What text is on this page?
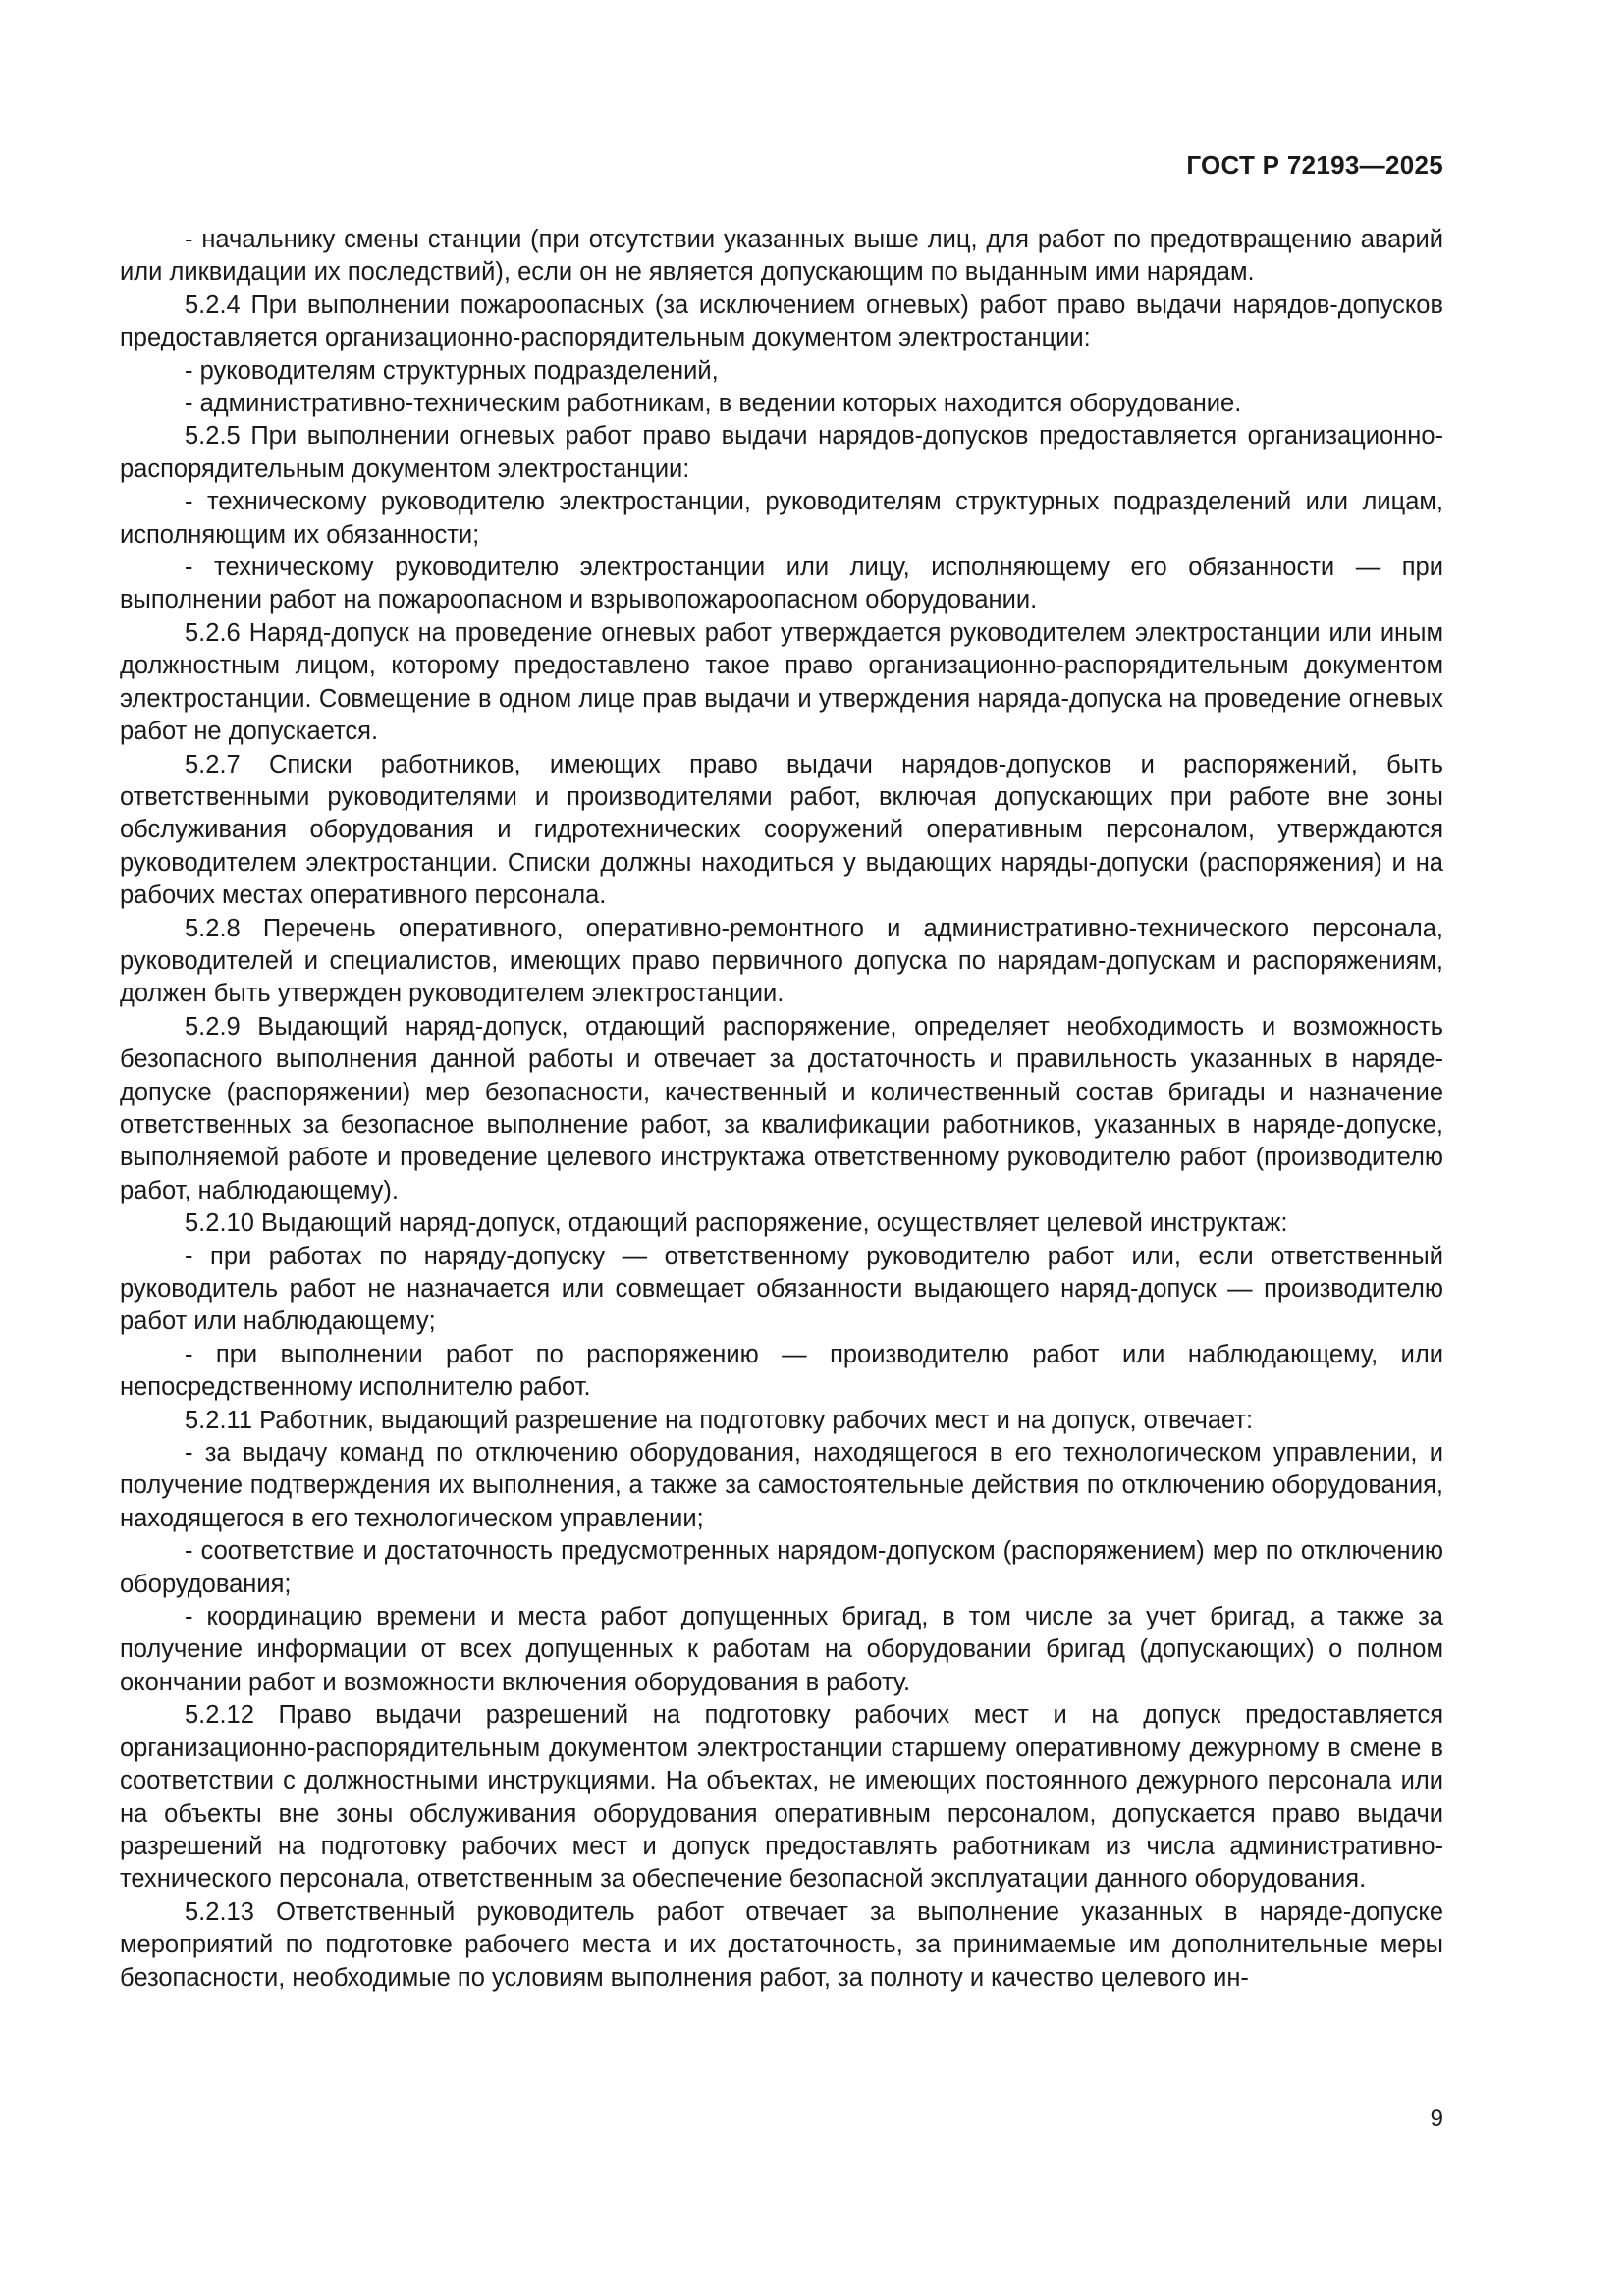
ГОСТ Р 72193—2025

- начальнику смены станции (при отсутствии указанных выше лиц, для работ по предотвращению аварий или ликвидации их последствий), если он не является допускающим по выданным ими нарядам.

5.2.4 При выполнении пожароопасных (за исключением огневых) работ право выдачи нарядов-допусков предоставляется организационно-распорядительным документом электростанции:

- руководителям структурных подразделений,

- административно-техническим работникам, в ведении которых находится оборудование.

5.2.5 При выполнении огневых работ право выдачи нарядов-допусков предоставляется организационно-распорядительным документом электростанции:

- техническому руководителю электростанции, руководителям структурных подразделений или лицам, исполняющим их обязанности;

- техническому руководителю электростанции или лицу, исполняющему его обязанности — при выполнении работ на пожароопасном и взрывопожароопасном оборудовании.

5.2.6 Наряд-допуск на проведение огневых работ утверждается руководителем электростанции или иным должностным лицом, которому предоставлено такое право организационно-распорядительным документом электростанции. Совмещение в одном лице прав выдачи и утверждения наряда-допуска на проведение огневых работ не допускается.

5.2.7 Списки работников, имеющих право выдачи нарядов-допусков и распоряжений, быть ответственными руководителями и производителями работ, включая допускающих при работе вне зоны обслуживания оборудования и гидротехнических сооружений оперативным персоналом, утверждаются руководителем электростанции. Списки должны находиться у выдающих наряды-допуски (распоряжения) и на рабочих местах оперативного персонала.

5.2.8 Перечень оперативного, оперативно-ремонтного и административно-технического персонала, руководителей и специалистов, имеющих право первичного допуска по нарядам-допускам и распоряжениям, должен быть утвержден руководителем электростанции.

5.2.9 Выдающий наряд-допуск, отдающий распоряжение, определяет необходимость и возможность безопасного выполнения данной работы и отвечает за достаточность и правильность указанных в наряде-допуске (распоряжении) мер безопасности, качественный и количественный состав бригады и назначение ответственных за безопасное выполнение работ, за квалификации работников, указанных в наряде-допуске, выполняемой работе и проведение целевого инструктажа ответственному руководителю работ (производителю работ, наблюдающему).

5.2.10 Выдающий наряд-допуск, отдающий распоряжение, осуществляет целевой инструктаж:

- при работах по наряду-допуску — ответственному руководителю работ или, если ответственный руководитель работ не назначается или совмещает обязанности выдающего наряд-допуск — производителю работ или наблюдающему;

- при выполнении работ по распоряжению — производителю работ или наблюдающему, или непосредственному исполнителю работ.

5.2.11 Работник, выдающий разрешение на подготовку рабочих мест и на допуск, отвечает:

- за выдачу команд по отключению оборудования, находящегося в его технологическом управлении, и получение подтверждения их выполнения, а также за самостоятельные действия по отключению оборудования, находящегося в его технологическом управлении;

- соответствие и достаточность предусмотренных нарядом-допуском (распоряжением) мер по отключению оборудования;

- координацию времени и места работ допущенных бригад, в том числе за учет бригад, а также за получение информации от всех допущенных к работам на оборудовании бригад (допускающих) о полном окончании работ и возможности включения оборудования в работу.

5.2.12 Право выдачи разрешений на подготовку рабочих мест и на допуск предоставляется организационно-распорядительным документом электростанции старшему оперативному дежурному в смене в соответствии с должностными инструкциями. На объектах, не имеющих постоянного дежурного персонала или на объекты вне зоны обслуживания оборудования оперативным персоналом, допускается право выдачи разрешений на подготовку рабочих мест и допуск предоставлять работникам из числа административно-технического персонала, ответственным за обеспечение безопасной эксплуатации данного оборудования.

5.2.13 Ответственный руководитель работ отвечает за выполнение указанных в наряде-допуске мероприятий по подготовке рабочего места и их достаточность, за принимаемые им дополнительные меры безопасности, необходимые по условиям выполнения работ, за полноту и качество целевого ин-

9
